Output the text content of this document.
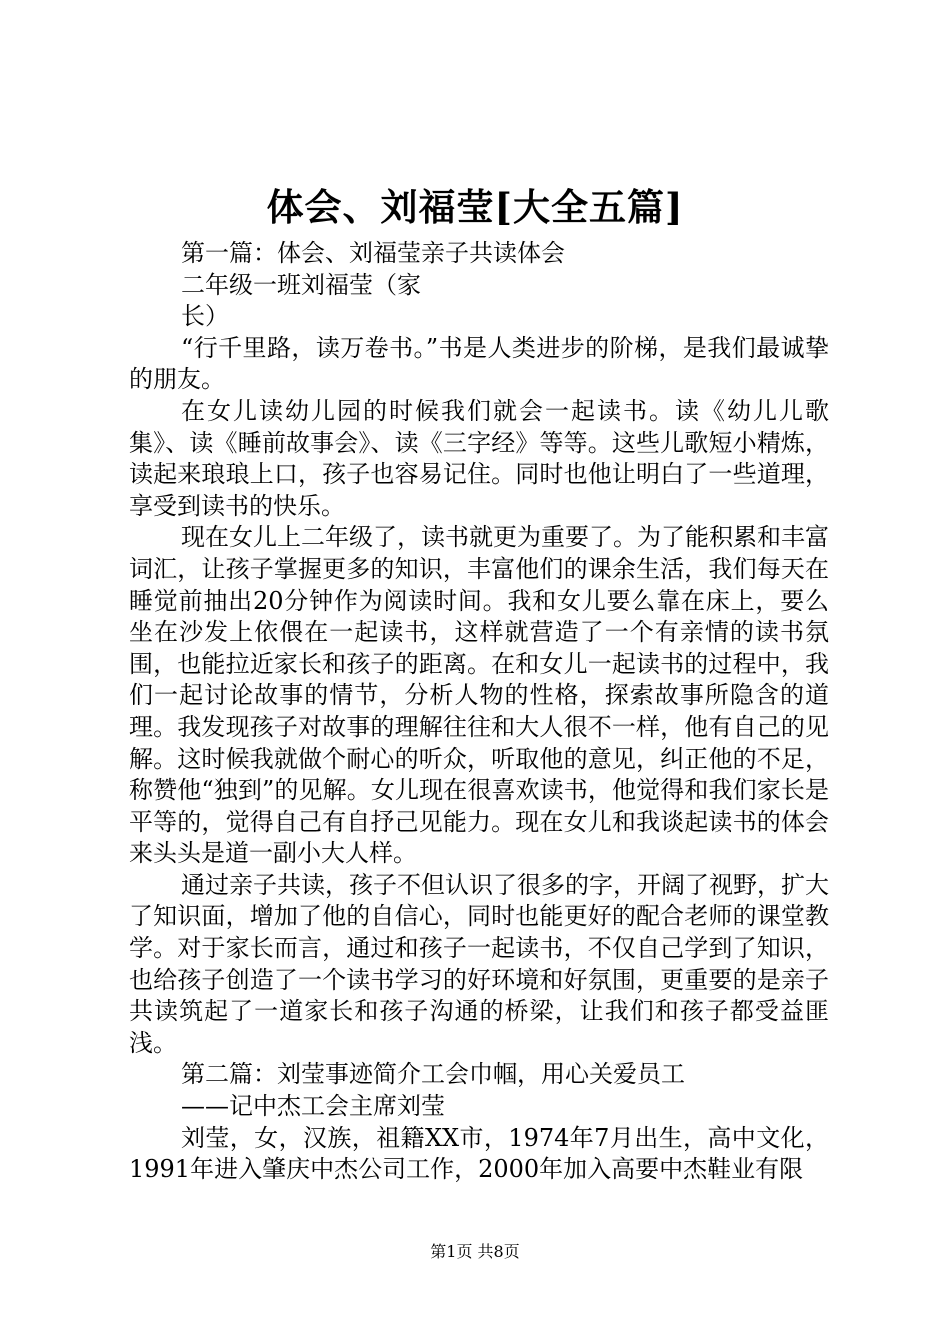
体会、刘福莹[大全五篇]

第一篇：体会、刘福莹亲子共读体会

二年级一班刘福莹（家

长）

“行千里路，读万卷书。”书是人类进步的阶梯，是我们最诚挚的朋友。

在女儿读幼儿园的时候我们就会一起读书。读《幼儿儿歌集》、读《睡前故事会》、读《三字经》等等。这些儿歌短小精炼，读起来琅琅上口，孩子也容易记住。同时也他让明白了一些道理，享受到读书的快乐。

现在女儿上二年级了，读书就更为重要了。为了能积累和丰富词汇，让孩子掌握更多的知识，丰富他们的课余生活，我们每天在睡觉前抽出20分钟作为阅读时间。我和女儿要么靠在床上，要么坐在沙发上依偎在一起读书，这样就营造了一个有亲情的读书氛围，也能拉近家长和孩子的距离。在和女儿一起读书的过程中，我们一起讨论故事的情节，分析人物的性格，探索故事所隐含的道理。我发现孩子对故事的理解往往和大人很不一样，他有自己的见解。这时候我就做个耐心的听众，听取他的意见，纠正他的不足，称赞他“独到”的见解。女儿现在很喜欢读书，他觉得和我们家长是平等的，觉得自己有自抒己见能力。现在女儿和我谈起读书的体会来头头是道一副小大人样。

通过亲子共读，孩子不但认识了很多的字，开阔了视野，扩大了知识面，增加了他的自信心，同时也能更好的配合老师的课堂教学。对于家长而言，通过和孩子一起读书，不仅自己学到了知识，也给孩子创造了一个读书学习的好环境和好氛围，更重要的是亲子共读筑起了一道家长和孩子沟通的桥梁，让我们和孩子都受益匪浅。

第二篇：刘莹事迹简介工会巾帼，用心关爱员工

——记中杰工会主席刘莹

刘莹，女，汉族，祖籍XX市，1974年7月出生，高中文化，1991年进入肇庆中杰公司工作，2000年加入高要中杰鞋业有限

第1页 共8页
